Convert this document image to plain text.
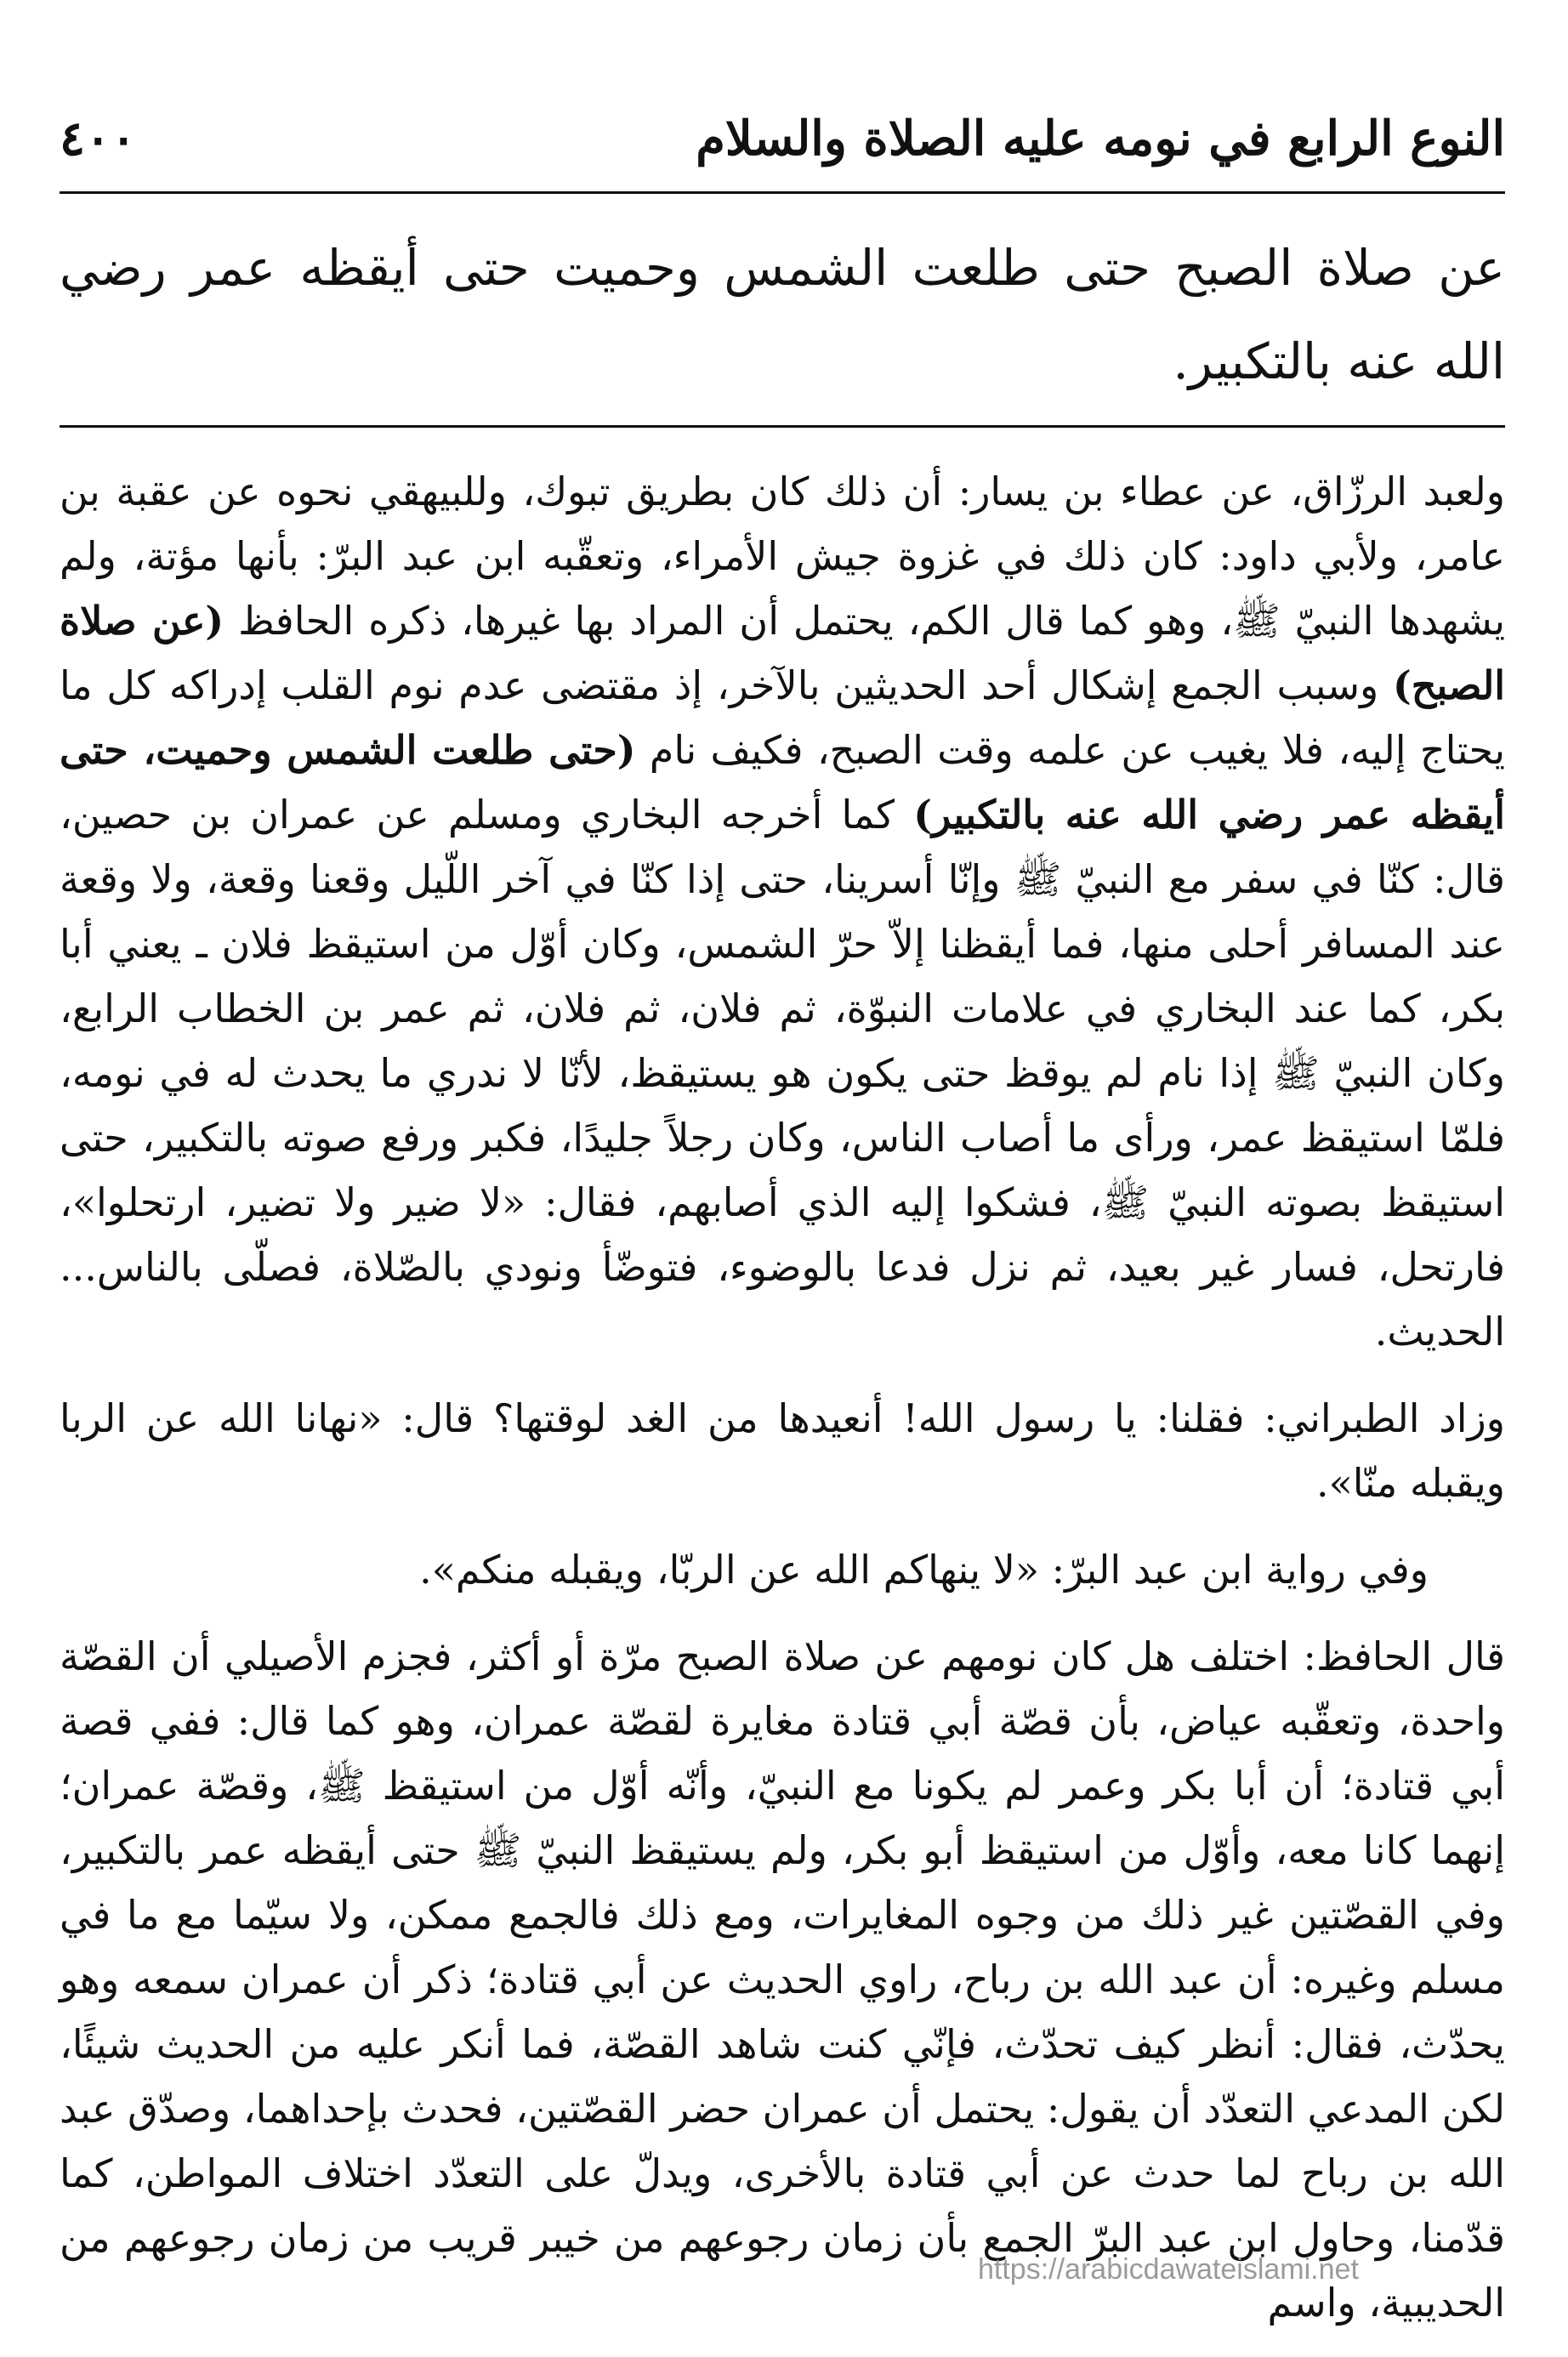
النوع الرابع في نومه عليه الصلاة والسلام
٤٠٠
عن صلاة الصبح حتى طلعت الشمس وحميت حتى أيقظه عمر رضي الله عنه بالتكبير.

ولعبد الرزّاق، عن عطاء بن يسار: أن ذلك كان بطريق تبوك، وللبيهقي نحوه عن عقبة بن عامر، ولأبي داود: كان ذلك في غزوة جيش الأمراء، وتعقّبه ابن عبد البرّ: بأنها مؤتة، ولم يشهدها النبيّ ﷺ، وهو كما قال الكم، يحتمل أن المراد بها غيرها، ذكره الحافظ (عن صلاة الصبح) وسبب الجمع إشكال أحد الحديثين بالآخر، إذ مقتضى عدم نوم القلب إدراكه كل ما يحتاج إليه، فلا يغيب عن علمه وقت الصبح، فكيف نام (حتى طلعت الشمس وحميت، حتى أيقظه عمر رضي الله عنه بالتكبير) كما أخرجه البخاري ومسلم عن عمران بن حصين، قال: كنّا في سفر مع النبيّ ﷺ وإنّا أسرينا، حتى إذا كنّا في آخر اللّيل وقعنا وقعة، ولا وقعة عند المسافر أحلى منها، فما أيقظنا إلاّ حرّ الشمس، وكان أوّل من استيقظ فلان ـ يعني أبا بكر، كما عند البخاري في علامات النبوّة، ثم فلان، ثم فلان، ثم عمر بن الخطاب الرابع، وكان النبيّ ﷺ إذا نام لم يوقظ حتى يكون هو يستيقظ، لأنّا لا ندري ما يحدث له في نومه، فلمّا استيقظ عمر، ورأى ما أصاب الناس، وكان رجلاً جليدًا، فكبر ورفع صوته بالتكبير، حتى استيقظ بصوته النبيّ ﷺ، فشكوا إليه الذي أصابهم، فقال: «لا ضير ولا تضير، ارتحلوا»، فارتحل، فسار غير بعيد، ثم نزل فدعا بالوضوء، فتوضّأ ونودي بالصّلاة، فصلّى بالناس... الحديث.

وزاد الطبراني: فقلنا: يا رسول الله! أنعيدها من الغد لوقتها؟ قال: «نهانا الله عن الربا ويقبله منّا».

وفي رواية ابن عبد البرّ: «لا ينهاكم الله عن الربّا، ويقبله منكم».

قال الحافظ: اختلف هل كان نومهم عن صلاة الصبح مرّة أو أكثر، فجزم الأصيلي أن القصّة واحدة، وتعقّبه عياض، بأن قصّة أبي قتادة مغايرة لقصّة عمران، وهو كما قال: ففي قصة أبي قتادة؛ أن أبا بكر وعمر لم يكونا مع النبيّ، وأنّه أوّل من استيقظ ﷺ، وقصّة عمران؛ إنهما كانا معه، وأوّل من استيقظ أبو بكر، ولم يستيقظ النبيّ ﷺ حتى أيقظه عمر بالتكبير، وفي القصّتين غير ذلك من وجوه المغايرات، ومع ذلك فالجمع ممكن، ولا سيّما مع ما في مسلم وغيره: أن عبد الله بن رباح، راوي الحديث عن أبي قتادة؛ ذكر أن عمران سمعه وهو يحدّث، فقال: أنظر كيف تحدّث، فإنّي كنت شاهد القصّة، فما أنكر عليه من الحديث شيئًا، لكن المدعي التعدّد أن يقول: يحتمل أن عمران حضر القصّتين، فحدث بإحداهما، وصدّق عبد الله بن رباح لما حدث عن أبي قتادة بالأخرى، ويدلّ على التعدّد اختلاف المواطن، كما قدّمنا، وحاول ابن عبد البرّ الجمع بأن زمان رجوعهم من خيبر قريب من زمان رجوعهم من الحديبية، واسم

https://arabicdawateislami.net
